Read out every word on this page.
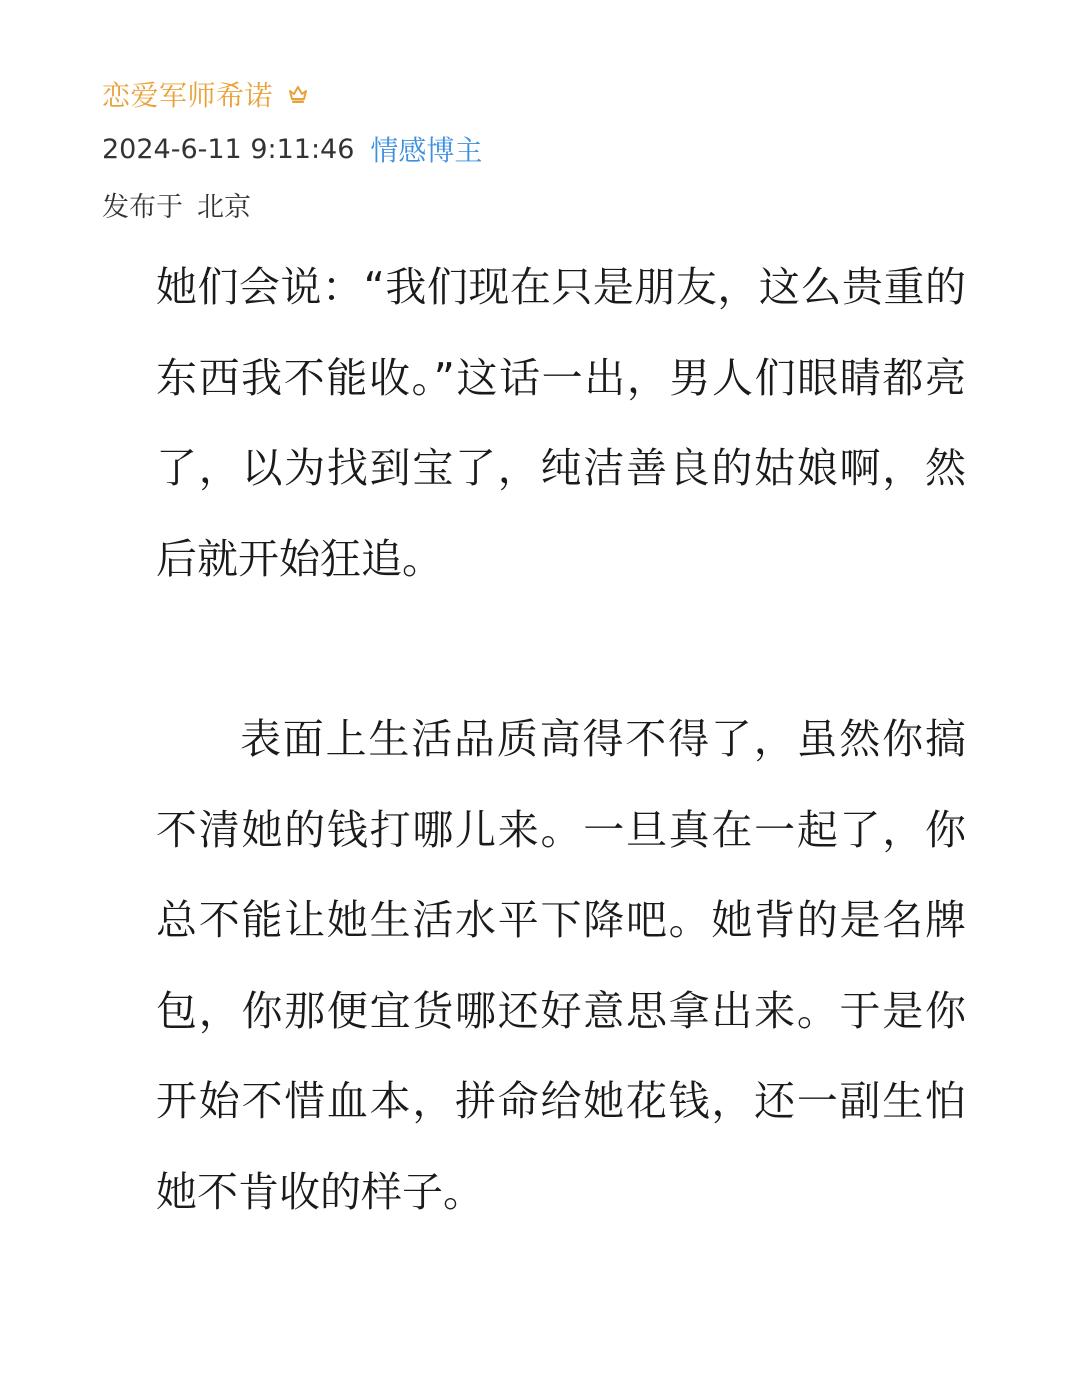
恋爱军师希诺
2024-6-11 9:11:46 情感博主
发布于 北京

她们会说：“我们现在只是朋友，这么贵重的东西我不能收。”这话一出，男人们眼睛都亮了，以为找到宝了，纯洁善良的姑娘啊，然后就开始狂追。

表面上生活品质高得不得了，虽然你搞不清她的钱打哪儿来。一旦真在一起了，你总不能让她生活水平下降吧。她背的是名牌包，你那便宜货哪还好意思拿出来。于是你开始不惜血本，拼命给她花钱，还一副生怕她不肯收的样子。
